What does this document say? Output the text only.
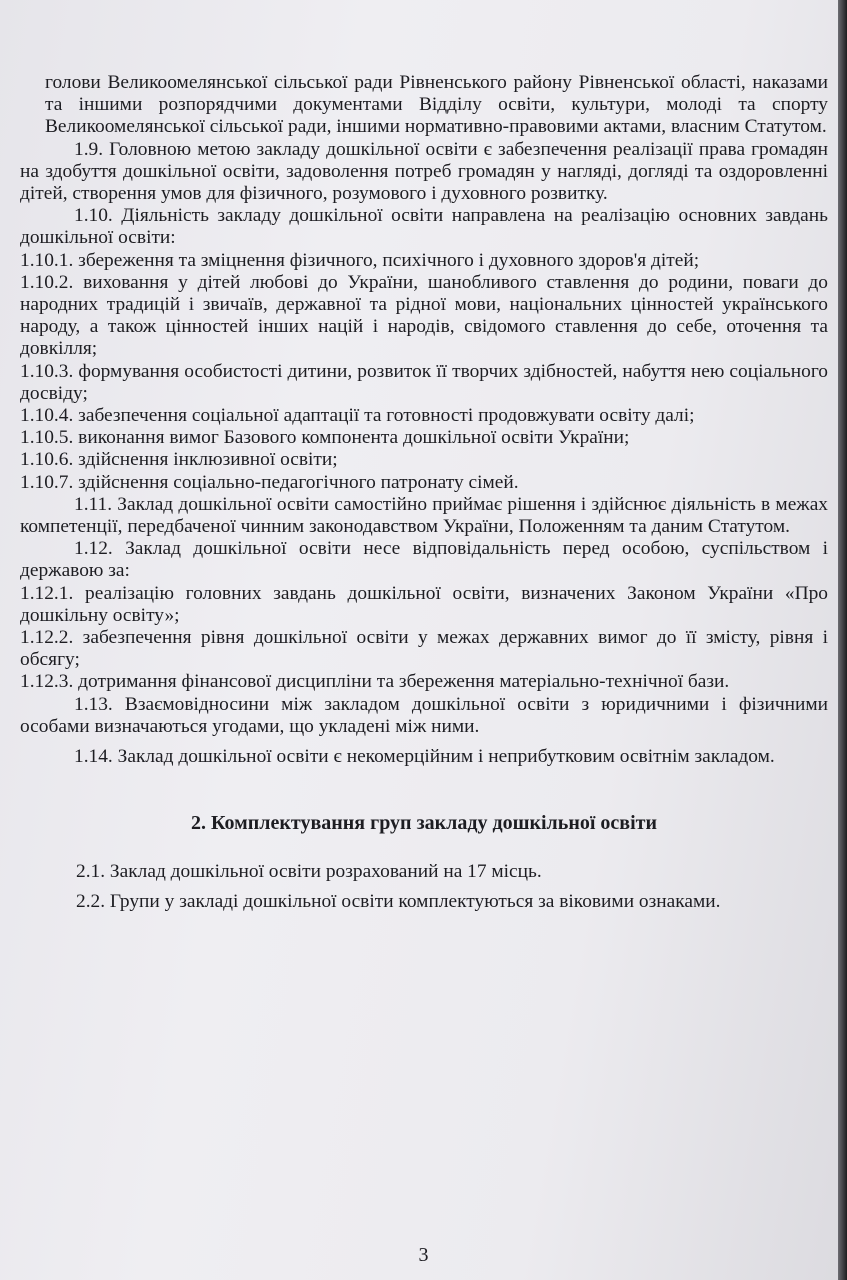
голови Великоомелянської сільської ради Рівненського району Рівненської області, наказами та іншими розпорядчими документами Відділу освіти, культури, молоді та спорту Великоомелянської сільської ради, іншими нормативно-правовими актами, власним Статутом.

1.9. Головною метою закладу дошкільної освіти є забезпечення реалізації права громадян на здобуття дошкільної освіти, задоволення потреб громадян у нагляді, догляді та оздоровленні дітей, створення умов для фізичного, розумового і духовного розвитку.

1.10. Діяльність закладу дошкільної освіти направлена на реалізацію основних завдань дошкільної освіти:

1.10.1. збереження та зміцнення фізичного, психічного і духовного здоров'я дітей;

1.10.2. виховання у дітей любові до України, шанобливого ставлення до родини, поваги до народних традицій і звичаїв, державної та рідної мови, національних цінностей українського народу, а також цінностей інших націй і народів, свідомого ставлення до себе, оточення та довкілля;

1.10.3. формування особистості дитини, розвиток її творчих здібностей, набуття нею соціального досвіду;

1.10.4. забезпечення соціальної адаптації та готовності продовжувати освіту далі;

1.10.5. виконання вимог Базового компонента дошкільної освіти України;

1.10.6. здійснення інклюзивної освіти;

1.10.7. здійснення соціально-педагогічного патронату сімей.

1.11. Заклад дошкільної освіти самостійно приймає рішення і здійснює діяльність в межах компетенції, передбаченої чинним законодавством України, Положенням та даним Статутом.

1.12. Заклад дошкільної освіти несе відповідальність перед особою, суспільством і державою за:

1.12.1. реалізацію головних завдань дошкільної освіти, визначених Законом України «Про дошкільну освіту»;

1.12.2. забезпечення рівня дошкільної освіти у межах державних вимог до її змісту, рівня і обсягу;

1.12.3. дотримання фінансової дисципліни та збереження матеріально-технічної бази.

1.13. Взаємовідносини між закладом дошкільної освіти з юридичними і фізичними особами визначаються угодами, що укладені між ними.

1.14. Заклад дошкільної освіти є некомерційним і неприбутковим освітнім закладом.

2. Комплектування груп закладу дошкільної освіти

2.1. Заклад дошкільної освіти розрахований на 17 місць.

2.2. Групи у закладі дошкільної освіти комплектуються за віковими ознаками.

3
